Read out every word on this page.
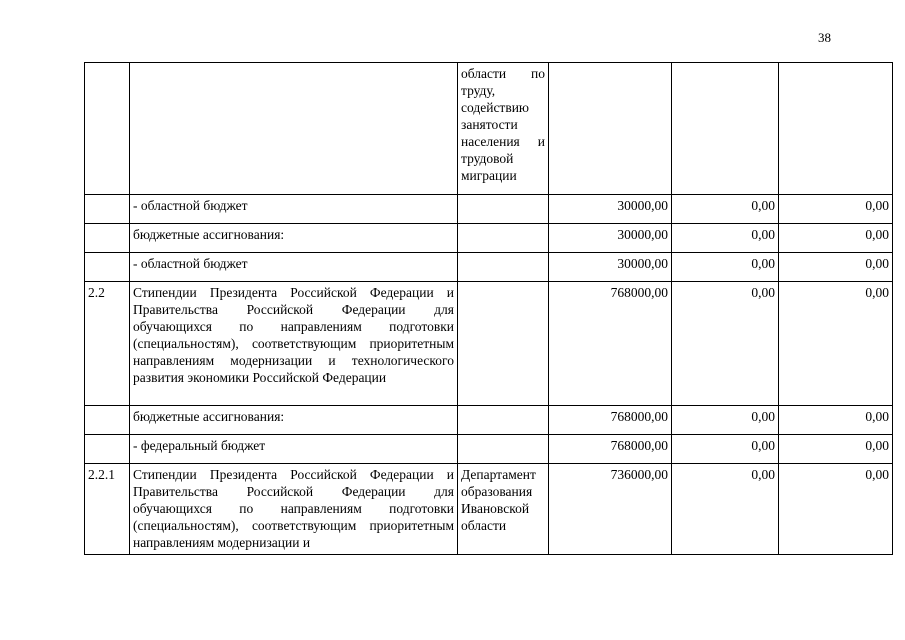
38
		области по труду, содействию занятости населения и трудовой миграции			
	- областной бюджет		30000,00	0,00	0,00
	бюджетные ассигнования:		30000,00	0,00	0,00
	- областной бюджет		30000,00	0,00	0,00
2.2	Стипендии Президента Российской Федерации и Правительства Российской Федерации для обучающихся по направлениям подготовки (специальностям), соответствующим приоритетным направлениям модернизации и технологического развития экономики Российской Федерации		768000,00	0,00	0,00
	бюджетные ассигнования:		768000,00	0,00	0,00
	- федеральный бюджет		768000,00	0,00	0,00
2.2.1	Стипендии Президента Российской Федерации и Правительства Российской Федерации для обучающихся по направлениям подготовки (специальностям), соответствующим приоритетным направлениям модернизации и	Департамент образования Ивановской области	736000,00	0,00	0,00
